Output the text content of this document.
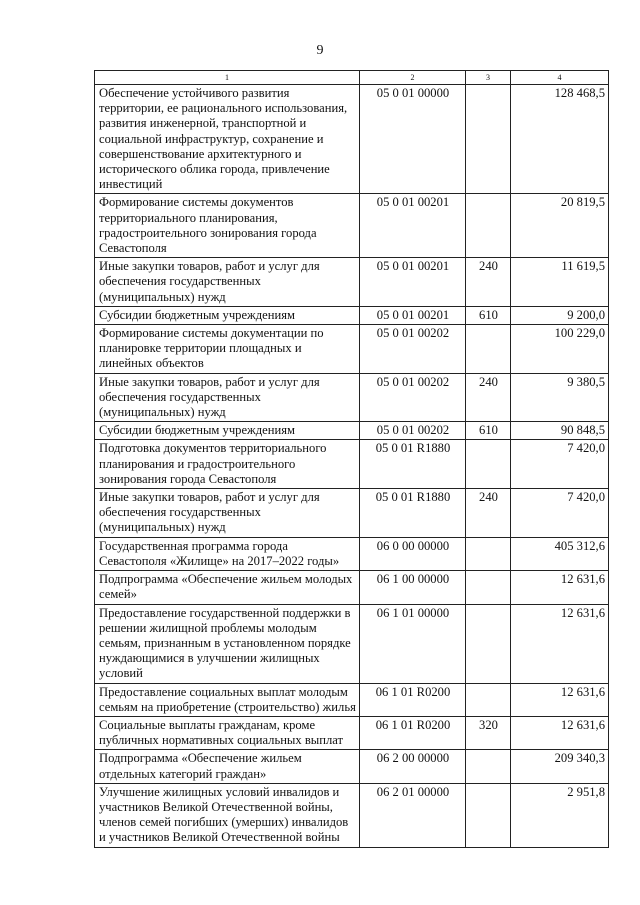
9
1	2	3	4
Обеспечение устойчивого развития территории, ее рационального использования, развития инженерной, транспортной и социальной инфраструктур, сохранение и совершенствование архитектурного и исторического облика города, привлечение инвестиций	05 0 01 00000		128 468,5
Формирование системы документов территориального планирования, градостроительного зонирования города Севастополя	05 0 01 00201		20 819,5
Иные закупки товаров, работ и услуг для обеспечения государственных (муниципальных) нужд	05 0 01 00201	240	11 619,5
Субсидии бюджетным учреждениям	05 0 01 00201	610	9 200,0
Формирование системы документации по планировке территории площадных и линейных объектов	05 0 01 00202		100 229,0
Иные закупки товаров, работ и услуг для обеспечения государственных (муниципальных) нужд	05 0 01 00202	240	9 380,5
Субсидии бюджетным учреждениям	05 0 01 00202	610	90 848,5
Подготовка документов территориального планирования и градостроительного зонирования города Севастополя	05 0 01 R1880		7 420,0
Иные закупки товаров, работ и услуг для обеспечения государственных (муниципальных) нужд	05 0 01 R1880	240	7 420,0
Государственная программа города Севастополя «Жилище» на 2017–2022 годы»	06 0 00 00000		405 312,6
Подпрограмма «Обеспечение жильем молодых семей»	06 1 00 00000		12 631,6
Предоставление государственной поддержки в решении жилищной проблемы молодым семьям, признанным в установленном порядке нуждающимися в улучшении жилищных условий	06 1 01 00000		12 631,6
Предоставление социальных выплат молодым семьям на приобретение (строительство) жилья	06 1 01 R0200		12 631,6
Социальные выплаты гражданам, кроме публичных нормативных социальных выплат	06 1 01 R0200	320	12 631,6
Подпрограмма «Обеспечение жильем отдельных категорий граждан»	06 2 00 00000		209 340,3
Улучшение жилищных условий инвалидов и участников Великой Отечественной войны, членов семей погибших (умерших) инвалидов и участников Великой Отечественной войны	06 2 01 00000		2 951,8
